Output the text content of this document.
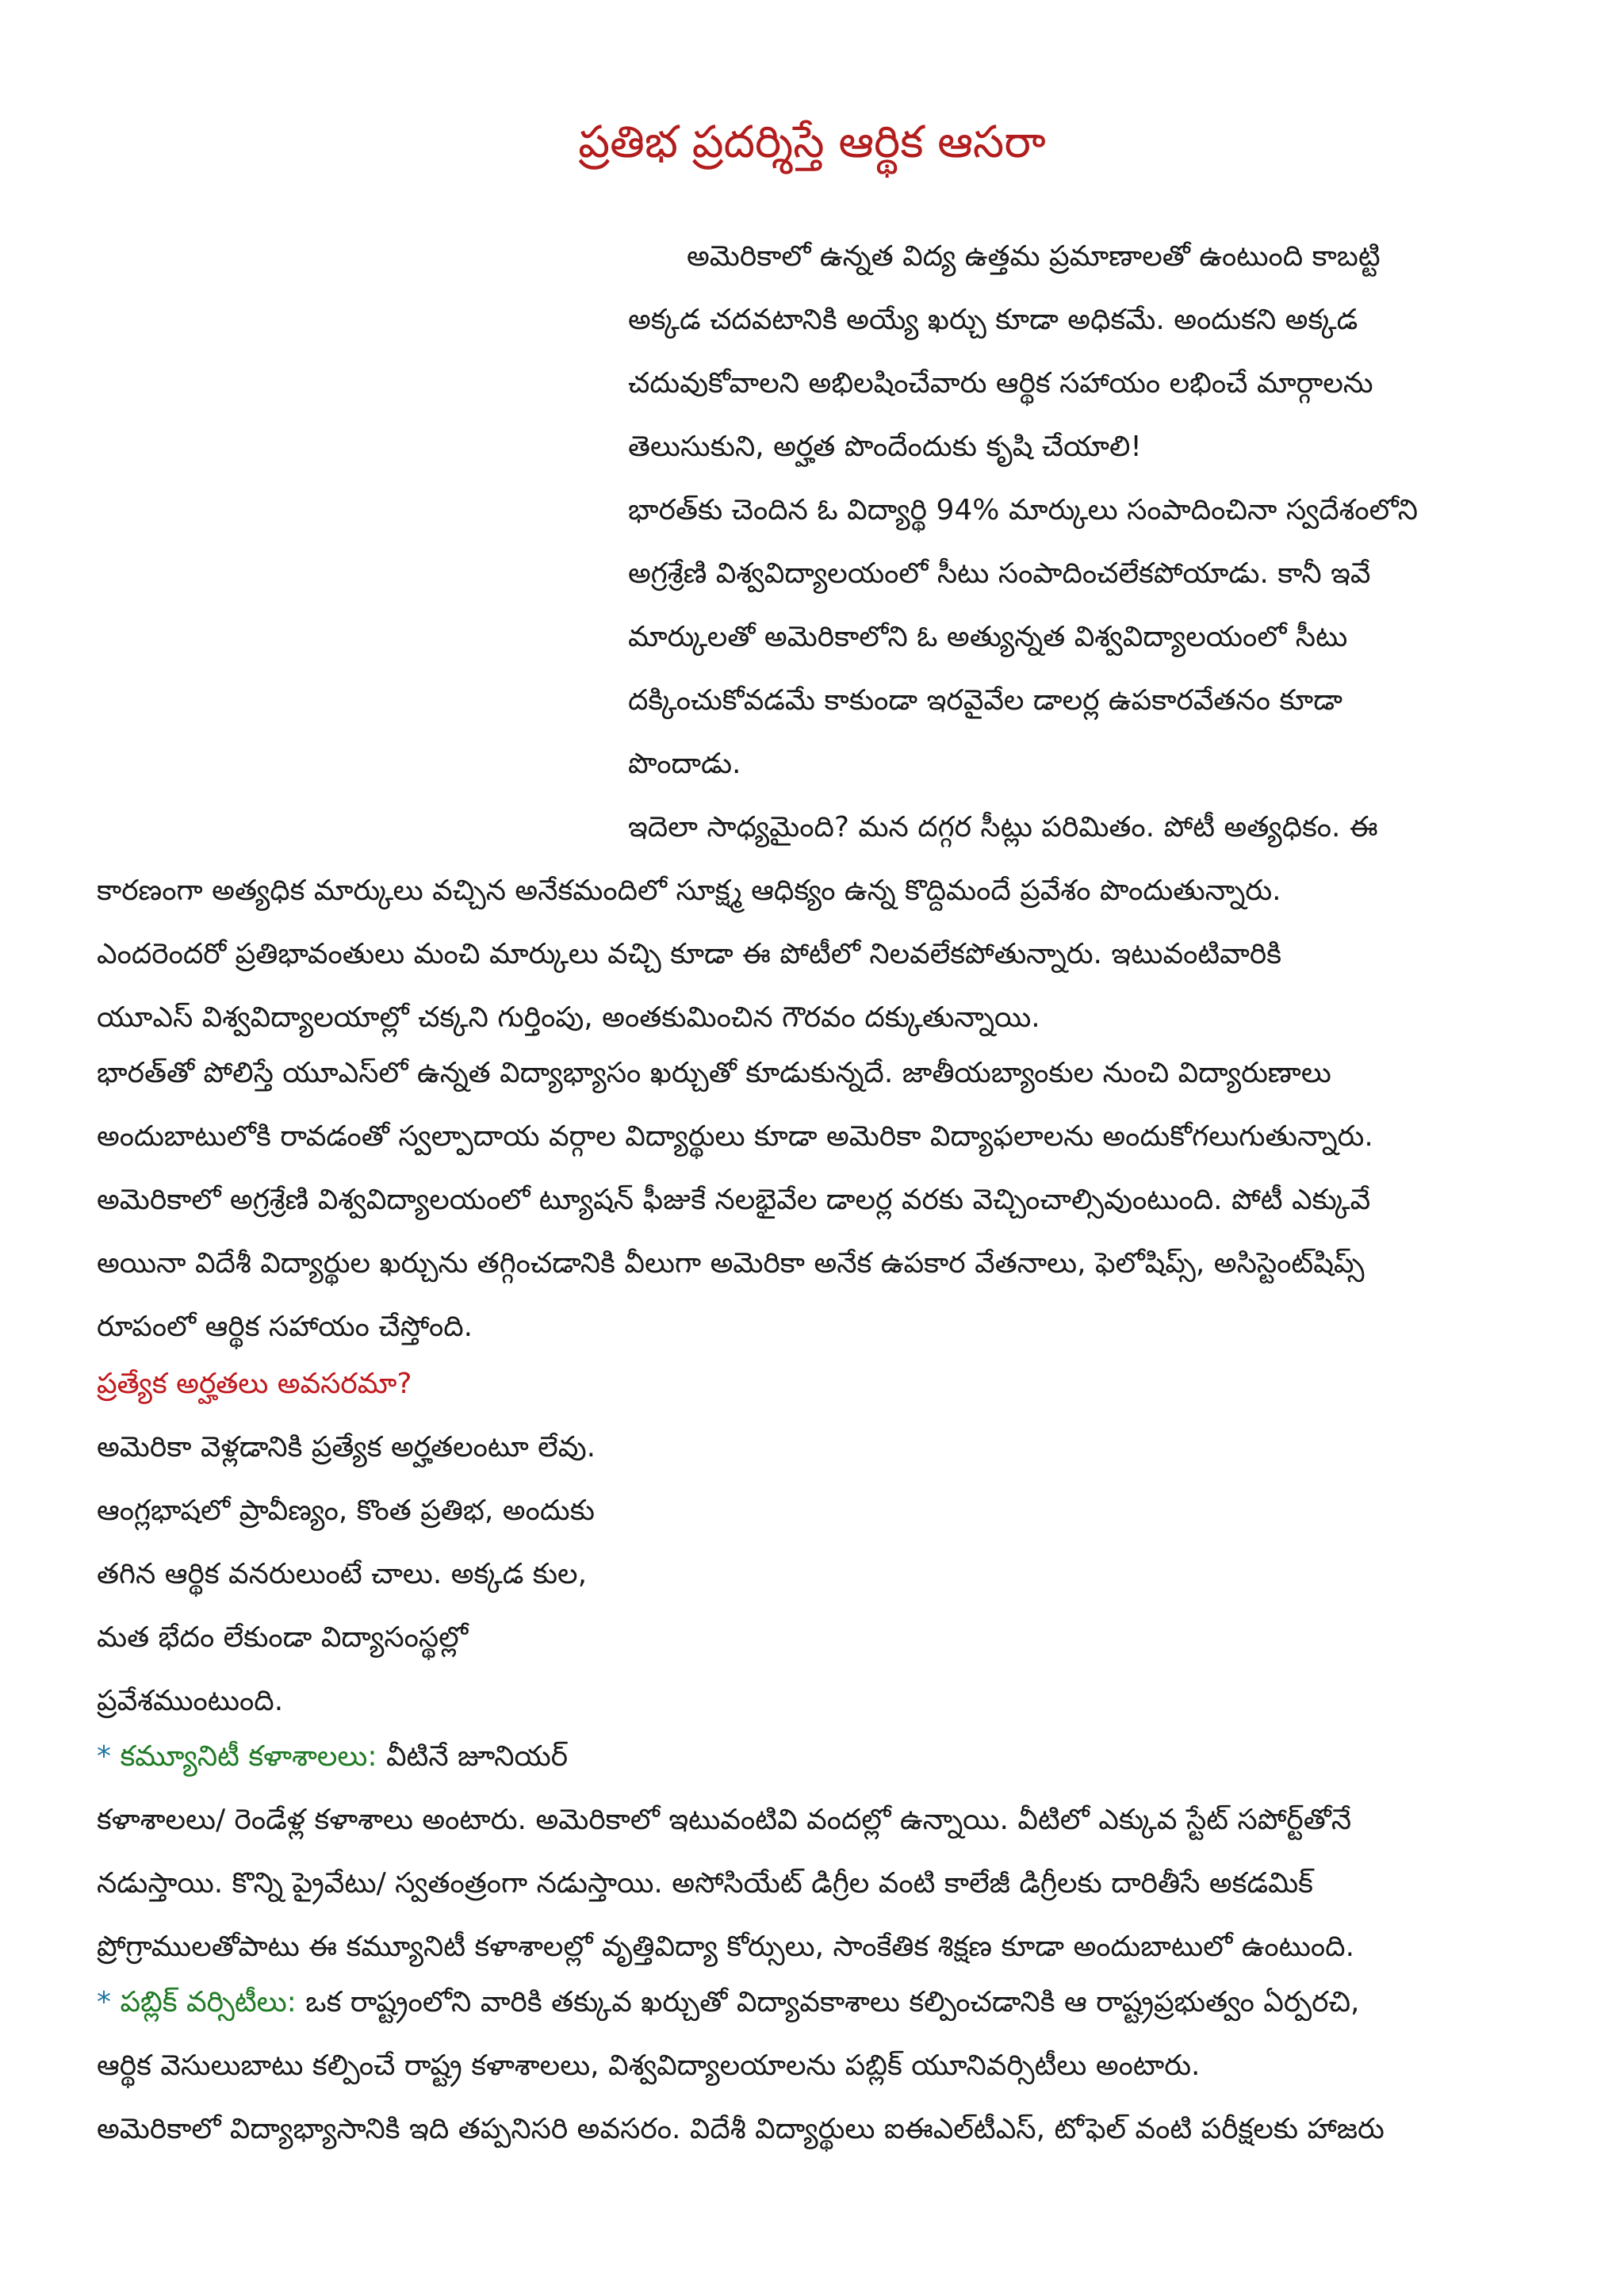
ప్రతిభ ప్రదర్శిస్తే ఆర్థిక ఆసరా
అమెరికాలో ఉన్నత విద్య ఉత్తమ ప్రమాణాలతో ఉంటుంది కాబట్టి
అక్కడ చదవటానికి అయ్యే ఖర్చు కూడా అధికమే. అందుకని అక్కడ
చదువుకోవాలని అభిలషించేవారు ఆర్థిక సహాయం లభించే మార్గాలను
తెలుసుకుని, అర్హత పొందేందుకు కృషి చేయాలి!
భారత్‌కు చెందిన ఓ విద్యార్థి 94% మార్కులు సంపాదించినా స్వదేశంలోని
అగ్రశ్రేణి విశ్వవిద్యాలయంలో సీటు సంపాదించలేకపోయాడు. కానీ ఇవే
మార్కులతో అమెరికాలోని ఓ అత్యున్నత విశ్వవిద్యాలయంలో సీటు
దక్కించుకోవడమే కాకుండా ఇరవైవేల డాలర్ల ఉపకారవేతనం కూడా
పొందాడు.
ఇదెలా సాధ్యమైంది? మన దగ్గర సీట్లు పరిమితం. పోటీ అత్యధికం. ఈ
కారణంగా అత్యధిక మార్కులు వచ్చిన అనేకమందిలో సూక్ష్మ ఆధిక్యం ఉన్న కొద్దిమందే ప్రవేశం పొందుతున్నారు.
ఎందరెందరో ప్రతిభావంతులు మంచి మార్కులు వచ్చి కూడా ఈ పోటీలో నిలవలేకపోతున్నారు. ఇటువంటివారికి
యూఎస్ విశ్వవిద్యాలయాల్లో చక్కని గుర్తింపు, అంతకుమించిన గౌరవం దక్కుతున్నాయి.
భారత్‌తో పోలిస్తే యూఎస్‌లో ఉన్నత విద్యాభ్యాసం ఖర్చుతో కూడుకున్నదే. జాతీయబ్యాంకుల నుంచి విద్యారుణాలు
అందుబాటులోకి రావడంతో స్వల్పాదాయ వర్గాల విద్యార్థులు కూడా అమెరికా విద్యాఫలాలను అందుకోగలుగుతున్నారు.
అమెరికాలో అగ్రశ్రేణి విశ్వవిద్యాలయంలో ట్యూషన్ ఫీజుకే నలభైవేల డాలర్ల వరకు వెచ్చించాల్సివుంటుంది. పోటీ ఎక్కువే
అయినా విదేశీ విద్యార్థుల ఖర్చును తగ్గించడానికి వీలుగా అమెరికా అనేక ఉపకార వేతనాలు, ఫెలోషిప్స్, అసిస్టెంట్‌షిప్స్
రూపంలో ఆర్థిక సహాయం చేస్తోంది.
ప్రత్యేక అర్హతలు అవసరమా?
అమెరికా వెళ్లడానికి ప్రత్యేక అర్హతలంటూ లేవు.
ఆంగ్లభాషలో ప్రావీణ్యం, కొంత ప్రతిభ, అందుకు
తగిన ఆర్థిక వనరులుంటే చాలు. అక్కడ కుల,
మత భేదం లేకుండా విద్యాసంస్థల్లో
ప్రవేశముంటుంది.
* కమ్యూనిటీ కళాశాలలు: వీటినే జూనియర్
కళాశాలలు/ రెండేళ్ల కళాశాలు అంటారు. అమెరికాలో ఇటువంటివి వందల్లో ఉన్నాయి. వీటిలో ఎక్కువ స్టేట్ సపోర్ట్‌తోనే
నడుస్తాయి. కొన్ని ప్రైవేటు/ స్వతంత్రంగా నడుస్తాయి. అసోసియేట్ డిగ్రీల వంటి కాలేజీ డిగ్రీలకు దారితీసే అకడమిక్
ప్రోగ్రాములతోపాటు ఈ కమ్యూనిటీ కళాశాలల్లో వృత్తివిద్యా కోర్సులు, సాంకేతిక శిక్షణ కూడా అందుబాటులో ఉంటుంది.
* పబ్లిక్ వర్సిటీలు: ఒక రాష్ట్రంలోని వారికి తక్కువ ఖర్చుతో విద్యావకాశాలు కల్పించడానికి ఆ రాష్ట్రప్రభుత్వం ఏర్పరచి,
ఆర్థిక వెసులుబాటు కల్పించే రాష్ట్ర కళాశాలలు, విశ్వవిద్యాలయాలను పబ్లిక్ యూనివర్సిటీలు అంటారు.
అమెరికాలో విద్యాభ్యాసానికి ఇది తప్పనిసరి అవసరం. విదేశీ విద్యార్థులు ఐఈఎల్‌టీఎస్, టోఫెల్ వంటి పరీక్షలకు హాజరు
